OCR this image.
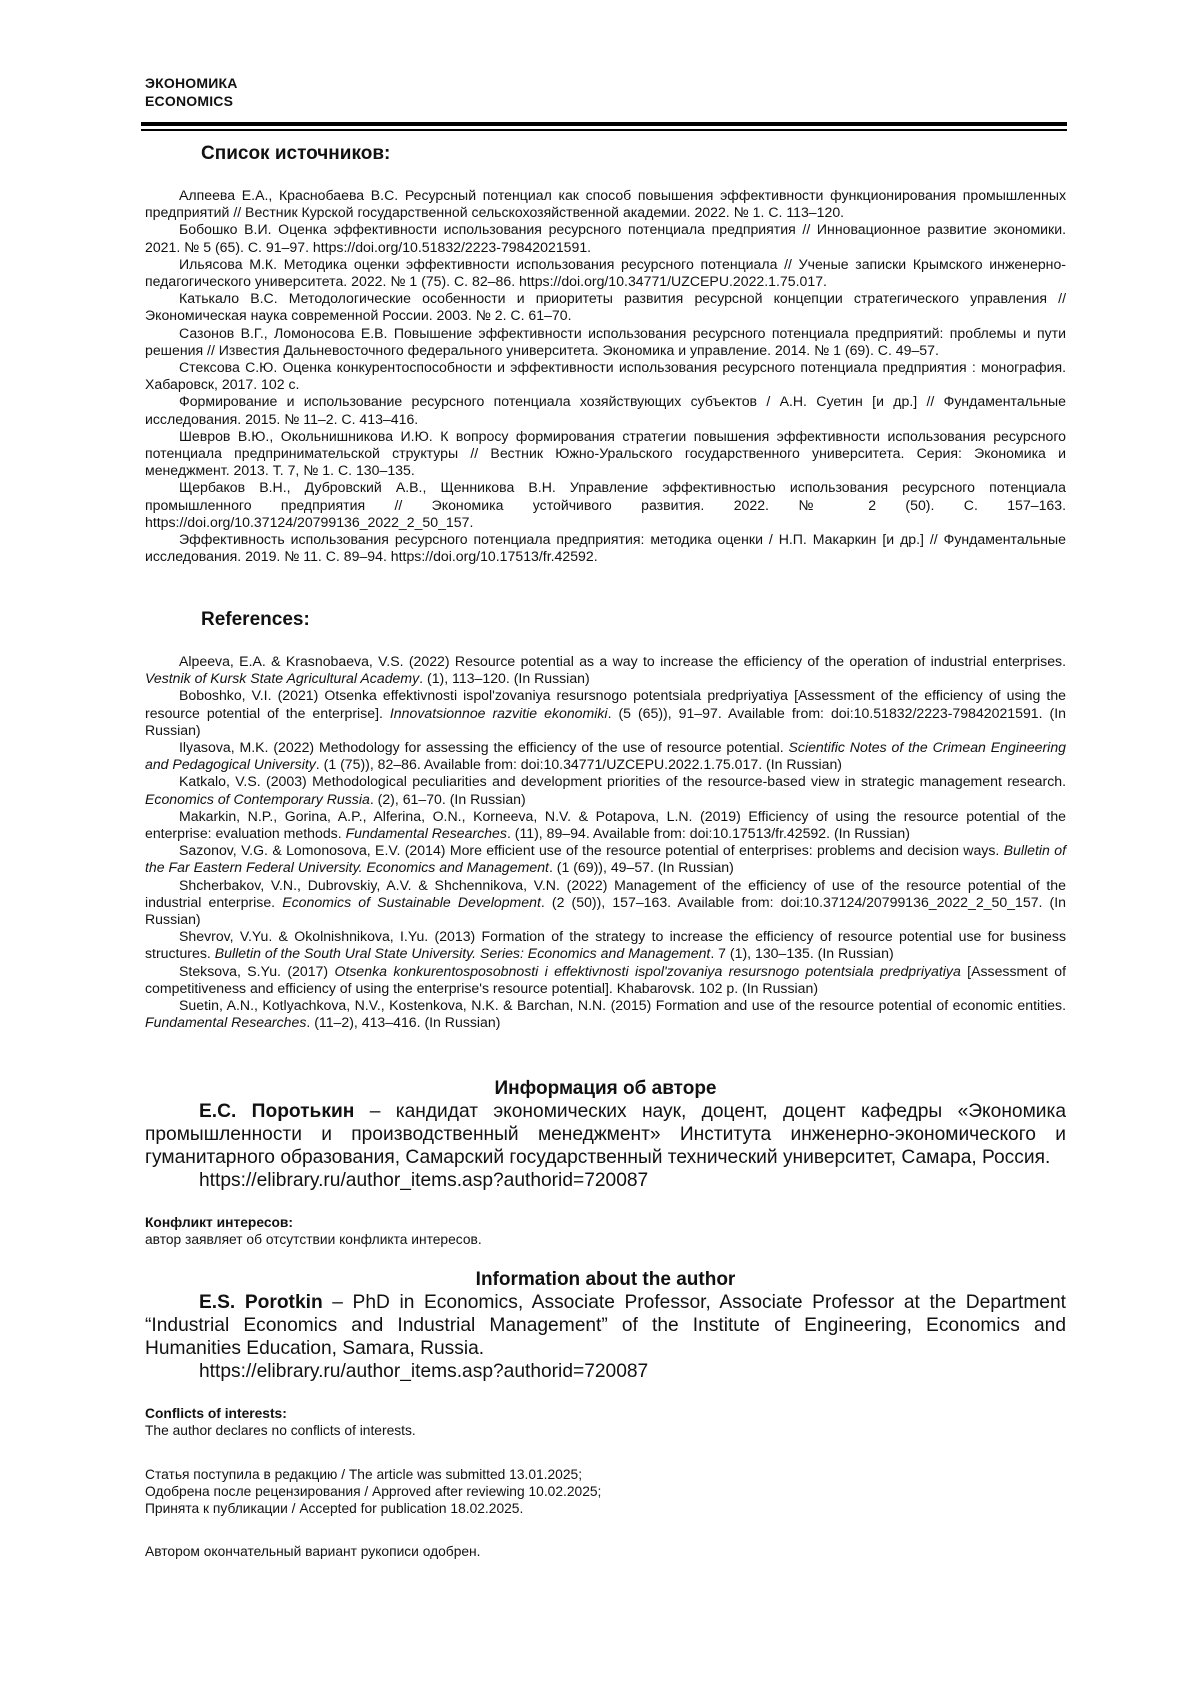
ЭКОНОМИКА
ECONOMICS
Список источников:

Алпеева Е.А., Краснобаева В.С. Ресурсный потенциал как способ повышения эффективности функционирования промышленных предприятий // Вестник Курской государственной сельскохозяйственной академии. 2022. № 1. С. 113–120.

Бобошко В.И. Оценка эффективности использования ресурсного потенциала предприятия // Инновационное развитие экономики. 2021. № 5 (65). С. 91–97. https://doi.org/10.51832/2223-79842021591.

Ильясова М.К. Методика оценки эффективности использования ресурсного потенциала // Ученые записки Крымского инженерно-педагогического университета. 2022. № 1 (75). С. 82–86. https://doi.org/10.34771/UZCEPU.2022.1.75.017.

Катькало В.С. Методологические особенности и приоритеты развития ресурсной концепции стратегического управления // Экономическая наука современной России. 2003. № 2. С. 61–70.

Сазонов В.Г., Ломоносова Е.В. Повышение эффективности использования ресурсного потенциала предприятий: проблемы и пути решения // Известия Дальневосточного федерального университета. Экономика и управление. 2014. № 1 (69). С. 49–57.

Стексова С.Ю. Оценка конкурентоспособности и эффективности использования ресурсного потенциала предприятия : монография. Хабаровск, 2017. 102 с.

Формирование и использование ресурсного потенциала хозяйствующих субъектов / А.Н. Суетин [и др.] // Фундаментальные исследования. 2015. № 11–2. С. 413–416.

Шевров В.Ю., Окольнишникова И.Ю. К вопросу формирования стратегии повышения эффективности использования ресурсного потенциала предпринимательской структуры // Вестник Южно-Уральского государственного университета. Серия: Экономика и менеджмент. 2013. Т. 7, № 1. С. 130–135.

Щербаков В.Н., Дубровский А.В., Щенникова В.Н. Управление эффективностью использования ресурсного потенциала промышленного предприятия // Экономика устойчивого развития. 2022. № 2 (50). С. 157–163. https://doi.org/10.37124/20799136_2022_2_50_157.

Эффективность использования ресурсного потенциала предприятия: методика оценки / Н.П. Макаркин [и др.] // Фундаментальные исследования. 2019. № 11. С. 89–94. https://doi.org/10.17513/fr.42592.

References:

Alpeeva, E.A. & Krasnobaeva, V.S. (2022) Resource potential as a way to increase the efficiency of the operation of industrial enterprises. Vestnik of Kursk State Agricultural Academy. (1), 113–120. (In Russian)

Boboshko, V.I. (2021) Otsenka effektivnosti ispol'zovaniya resursnogo potentsiala predpriyatiya [Assessment of the efficiency of using the resource potential of the enterprise]. Innovatsionnoe razvitie ekonomiki. (5 (65)), 91–97. Available from: doi:10.51832/2223-79842021591. (In Russian)

Ilyasova, M.K. (2022) Methodology for assessing the efficiency of the use of resource potential. Scientific Notes of the Crimean Engineering and Pedagogical University. (1 (75)), 82–86. Available from: doi:10.34771/UZCEPU.2022.1.75.017. (In Russian)

Katkalo, V.S. (2003) Methodological peculiarities and development priorities of the resource-based view in strategic management research. Economics of Contemporary Russia. (2), 61–70. (In Russian)

Makarkin, N.P., Gorina, A.P., Alferina, O.N., Korneeva, N.V. & Potapova, L.N. (2019) Efficiency of using the resource potential of the enterprise: evaluation methods. Fundamental Researches. (11), 89–94. Available from: doi:10.17513/fr.42592. (In Russian)

Sazonov, V.G. & Lomonosova, E.V. (2014) More efficient use of the resource potential of enterprises: problems and decision ways. Bulletin of the Far Eastern Federal University. Economics and Management. (1 (69)), 49–57. (In Russian)

Shcherbakov, V.N., Dubrovskiy, A.V. & Shchennikova, V.N. (2022) Management of the efficiency of use of the resource potential of the industrial enterprise. Economics of Sustainable Development. (2 (50)), 157–163. Available from: doi:10.37124/20799136_2022_2_50_157. (In Russian)

Shevrov, V.Yu. & Okolnishnikova, I.Yu. (2013) Formation of the strategy to increase the efficiency of resource potential use for business structures. Bulletin of the South Ural State University. Series: Economics and Management. 7 (1), 130–135. (In Russian)

Steksova, S.Yu. (2017) Otsenka konkurentosposobnosti i effektivnosti ispol'zovaniya resursnogo potentsiala predpriyatiya [Assessment of competitiveness and efficiency of using the enterprise's resource potential]. Khabarovsk. 102 p. (In Russian)

Suetin, A.N., Kotlyachkova, N.V., Kostenkova, N.K. & Barchan, N.N. (2015) Formation and use of the resource potential of economic entities. Fundamental Researches. (11–2), 413–416. (In Russian)

Информация об авторе

Е.С. Поротькин – кандидат экономических наук, доцент, доцент кафедры «Экономика промышленности и производственный менеджмент» Института инженерно-экономического и гуманитарного образования, Самарский государственный технический университет, Самара, Россия.

https://elibrary.ru/author_items.asp?authorid=720087

Конфликт интересов:

автор заявляет об отсутствии конфликта интересов.

Information about the author

E.S. Porotkin – PhD in Economics, Associate Professor, Associate Professor at the Department “Industrial Economics and Industrial Management” of the Institute of Engineering, Economics and Humanities Education, Samara, Russia.

https://elibrary.ru/author_items.asp?authorid=720087

Conflicts of interests:

The author declares no conflicts of interests.

Статья поступила в редакцию / The article was submitted 13.01.2025;

Одобрена после рецензирования / Approved after reviewing 10.02.2025;

Принята к публикации / Accepted for publication 18.02.2025.

Автором окончательный вариант рукописи одобрен.
